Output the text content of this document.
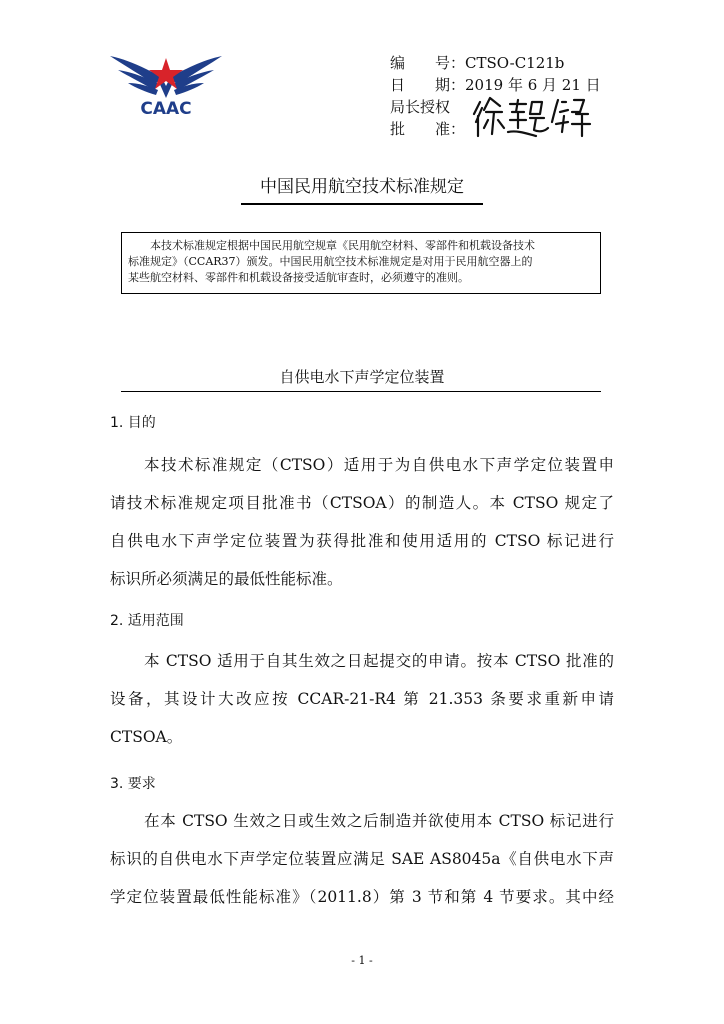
CAAC
编　　号： CTSO-C121b
日　　期： 2019 年 6 月 21 日
局长授权
批　　准：
中国民用航空技术标准规定
　　本技术标准规定根据中国民用航空规章《民用航空材料、零部件和机载设备技术
标准规定》（CCAR37）颁发。中国民用航空技术标准规定是对用于民用航空器上的
某些航空材料、零部件和机载设备接受适航审查时，必须遵守的准则。
自供电水下声学定位装置
1. 目的
本技术标准规定（CTSO）适用于为自供电水下声学定位装置申
请技术标准规定项目批准书（CTSOA）的制造人。本 CTSO 规定了
自供电水下声学定位装置为获得批准和使用适用的 CTSO 标记进行
标识所必须满足的最低性能标准。
2. 适用范围
本 CTSO 适用于自其生效之日起提交的申请。按本 CTSO 批准的
设备，其设计大改应按 CCAR-21-R4 第 21.353 条要求重新申请
CTSOA。
3. 要求
在本 CTSO 生效之日或生效之后制造并欲使用本 CTSO 标记进行
标识的自供电水下声学定位装置应满足 SAE AS8045a《自供电水下声
学定位装置最低性能标准》（2011.8）第 3 节和第 4 节要求。其中经
- 1 -
